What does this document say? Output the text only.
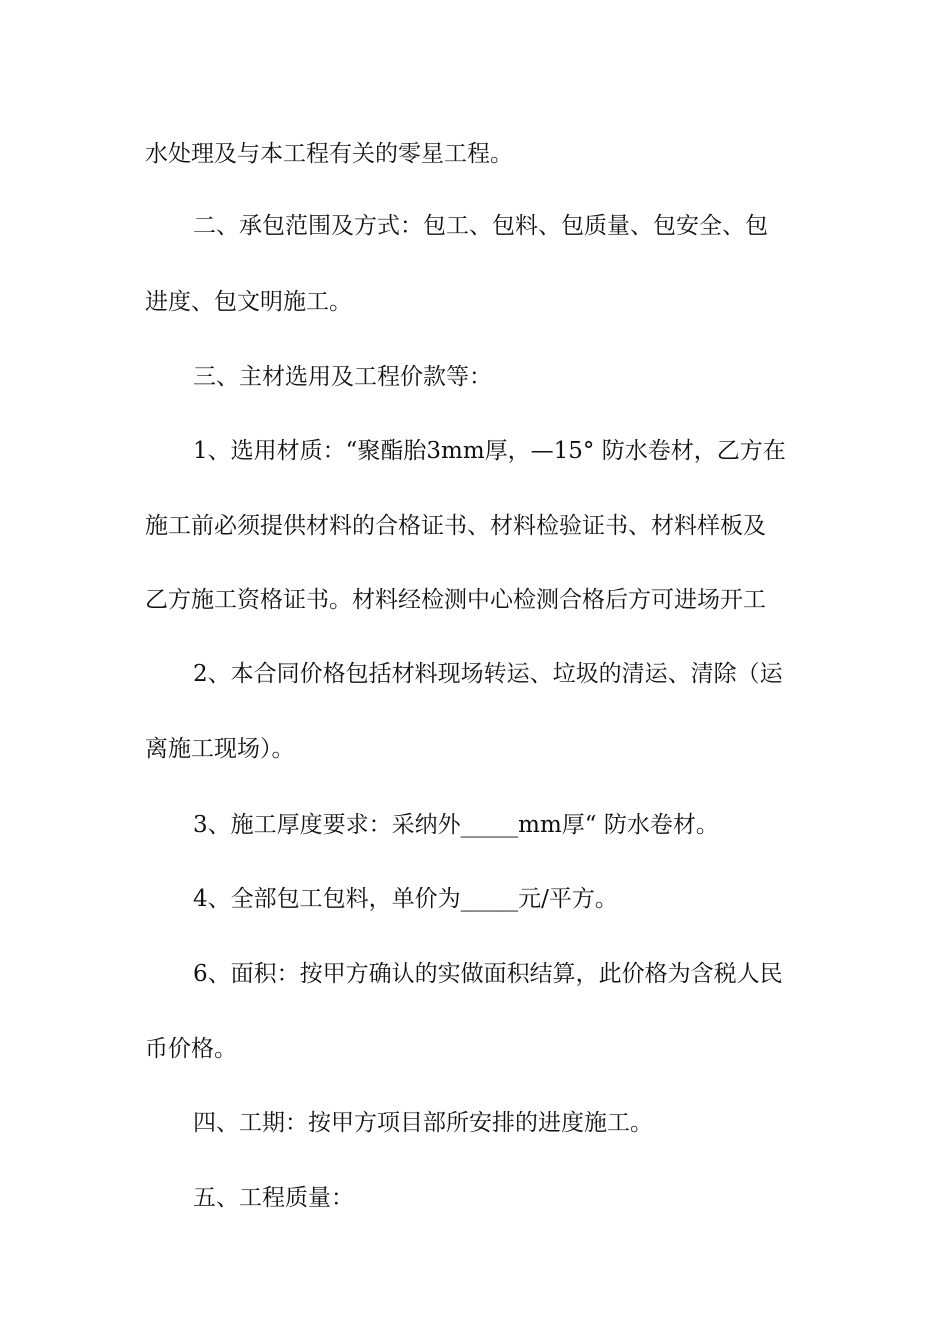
水处理及与本工程有关的零星工程。
二、承包范围及方式：包工、包料、包质量、包安全、包
进度、包文明施工。
三、主材选用及工程价款等：
1、选用材质：“聚酯胎3mm厚，—15° 防水卷材，乙方在
施工前必须提供材料的合格证书、材料检验证书、材料样板及
乙方施工资格证书。材料经检测中心检测合格后方可进场开工
2、本合同价格包括材料现场转运、垃圾的清运、清除（运
离施工现场）。
3、施工厚度要求：采纳外_____mm厚“ 防水卷材。
4、全部包工包料，单价为_____元/平方。
6、面积：按甲方确认的实做面积结算，此价格为含税人民
币价格。
四、工期：按甲方项目部所安排的进度施工。
五、工程质量：
